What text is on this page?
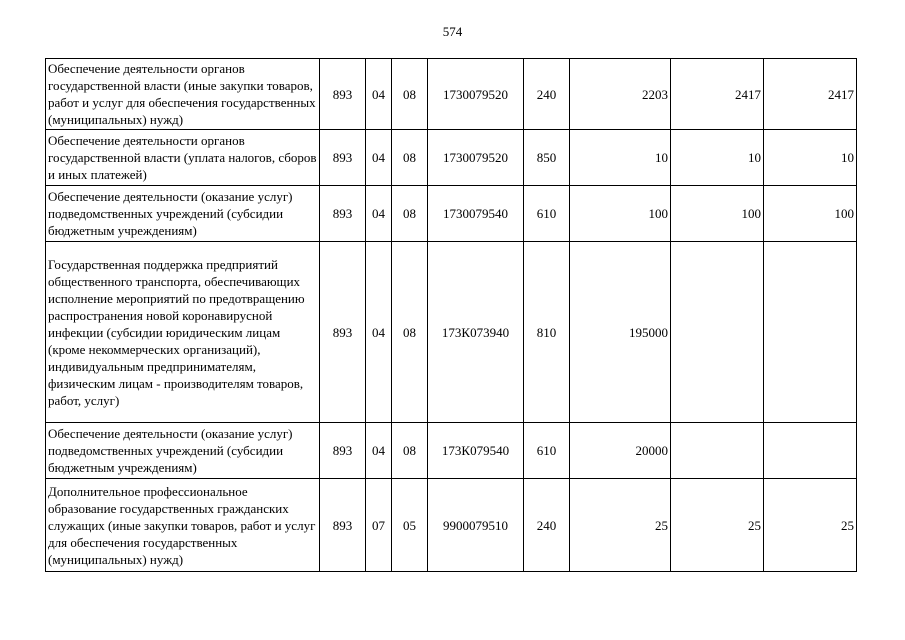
574
Обеспечение деятельности органов государственной власти (иные закупки товаров, работ и услуг для обеспечения государственных (муниципальных) нужд)	893	04	08	1730079520	240	2203	2417	2417
Обеспечение деятельности органов государственной власти (уплата налогов, сборов и иных платежей)	893	04	08	1730079520	850	10	10	10
Обеспечение деятельности (оказание услуг) подведомственных учреждений (субсидии бюджетным учреждениям)	893	04	08	1730079540	610	100	100	100
Государственная поддержка предприятий общественного транспорта, обеспечивающих исполнение мероприятий по предотвращению распространения новой коронавирусной инфекции (субсидии юридическим лицам (кроме некоммерческих организаций), индивидуальным предпринимателям, физическим лицам - производителям товаров, работ, услуг)	893	04	08	173К073940	810	195000		
Обеспечение деятельности (оказание услуг) подведомственных учреждений (субсидии бюджетным учреждениям)	893	04	08	173К079540	610	20000		
Дополнительное профессиональное образование государственных гражданских служащих (иные закупки товаров, работ и услуг для обеспечения государственных (муниципальных) нужд)	893	07	05	9900079510	240	25	25	25
